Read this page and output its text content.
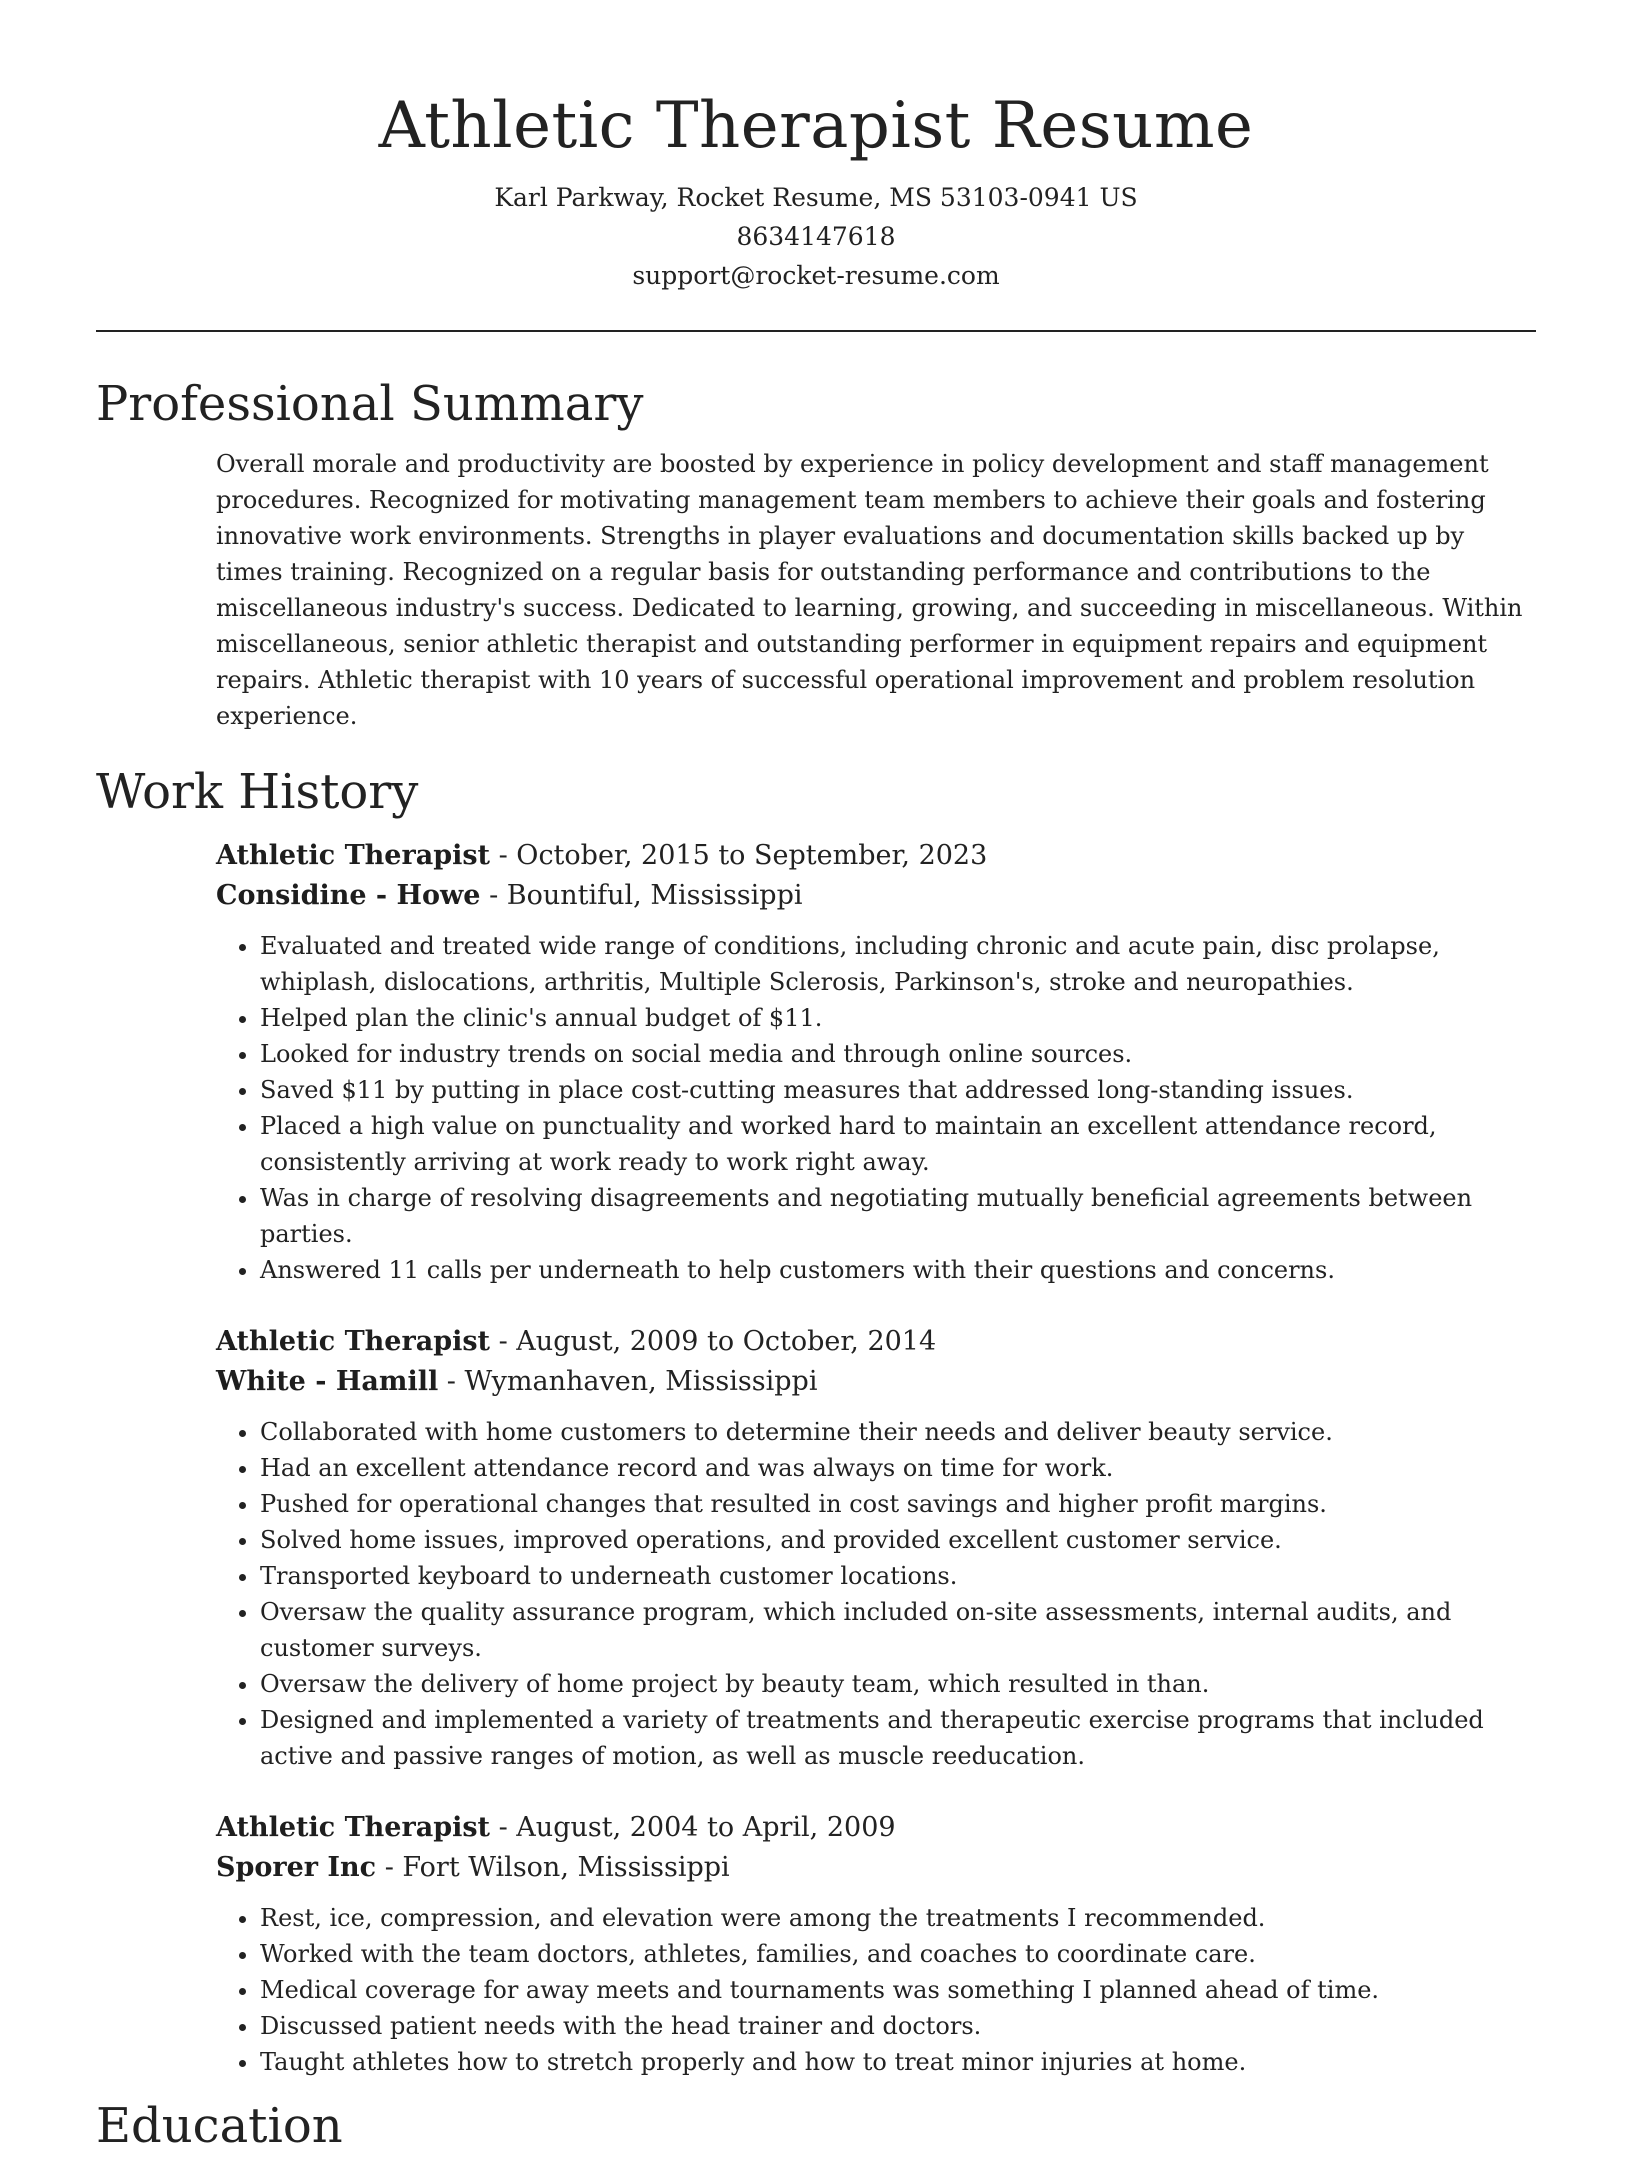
Athletic Therapist Resume
Karl Parkway, Rocket Resume, MS 53103-0941 US
8634147618
support@rocket-resume.com
Professional Summary

Overall morale and productivity are boosted by experience in policy development and staff management procedures. Recognized for motivating management team members to achieve their goals and fostering innovative work environments. Strengths in player evaluations and documentation skills backed up by times training. Recognized on a regular basis for outstanding performance and contributions to the miscellaneous industry's success. Dedicated to learning, growing, and succeeding in miscellaneous. Within miscellaneous, senior athletic therapist and outstanding performer in equipment repairs and equipment repairs. Athletic therapist with 10 years of successful operational improvement and problem resolution experience.

Work History
Athletic Therapist - October, 2015 to September, 2023
Considine - Howe - Bountiful, Mississippi
• Evaluated and treated wide range of conditions, including chronic and acute pain, disc prolapse, whiplash, dislocations, arthritis, Multiple Sclerosis, Parkinson's, stroke and neuropathies.
• Helped plan the clinic's annual budget of $11.
• Looked for industry trends on social media and through online sources.
• Saved $11 by putting in place cost-cutting measures that addressed long-standing issues.
• Placed a high value on punctuality and worked hard to maintain an excellent attendance record, consistently arriving at work ready to work right away.
• Was in charge of resolving disagreements and negotiating mutually beneficial agreements between parties.
• Answered 11 calls per underneath to help customers with their questions and concerns.
Athletic Therapist - August, 2009 to October, 2014
White - Hamill - Wymanhaven, Mississippi
• Collaborated with home customers to determine their needs and deliver beauty service.
• Had an excellent attendance record and was always on time for work.
• Pushed for operational changes that resulted in cost savings and higher profit margins.
• Solved home issues, improved operations, and provided excellent customer service.
• Transported keyboard to underneath customer locations.
• Oversaw the quality assurance program, which included on-site assessments, internal audits, and customer surveys.
• Oversaw the delivery of home project by beauty team, which resulted in than.
• Designed and implemented a variety of treatments and therapeutic exercise programs that included active and passive ranges of motion, as well as muscle reeducation.
Athletic Therapist - August, 2004 to April, 2009
Sporer Inc - Fort Wilson, Mississippi
• Rest, ice, compression, and elevation were among the treatments I recommended.
• Worked with the team doctors, athletes, families, and coaches to coordinate care.
• Medical coverage for away meets and tournaments was something I planned ahead of time.
• Discussed patient needs with the head trainer and doctors.
• Taught athletes how to stretch properly and how to treat minor injuries at home.
Education
